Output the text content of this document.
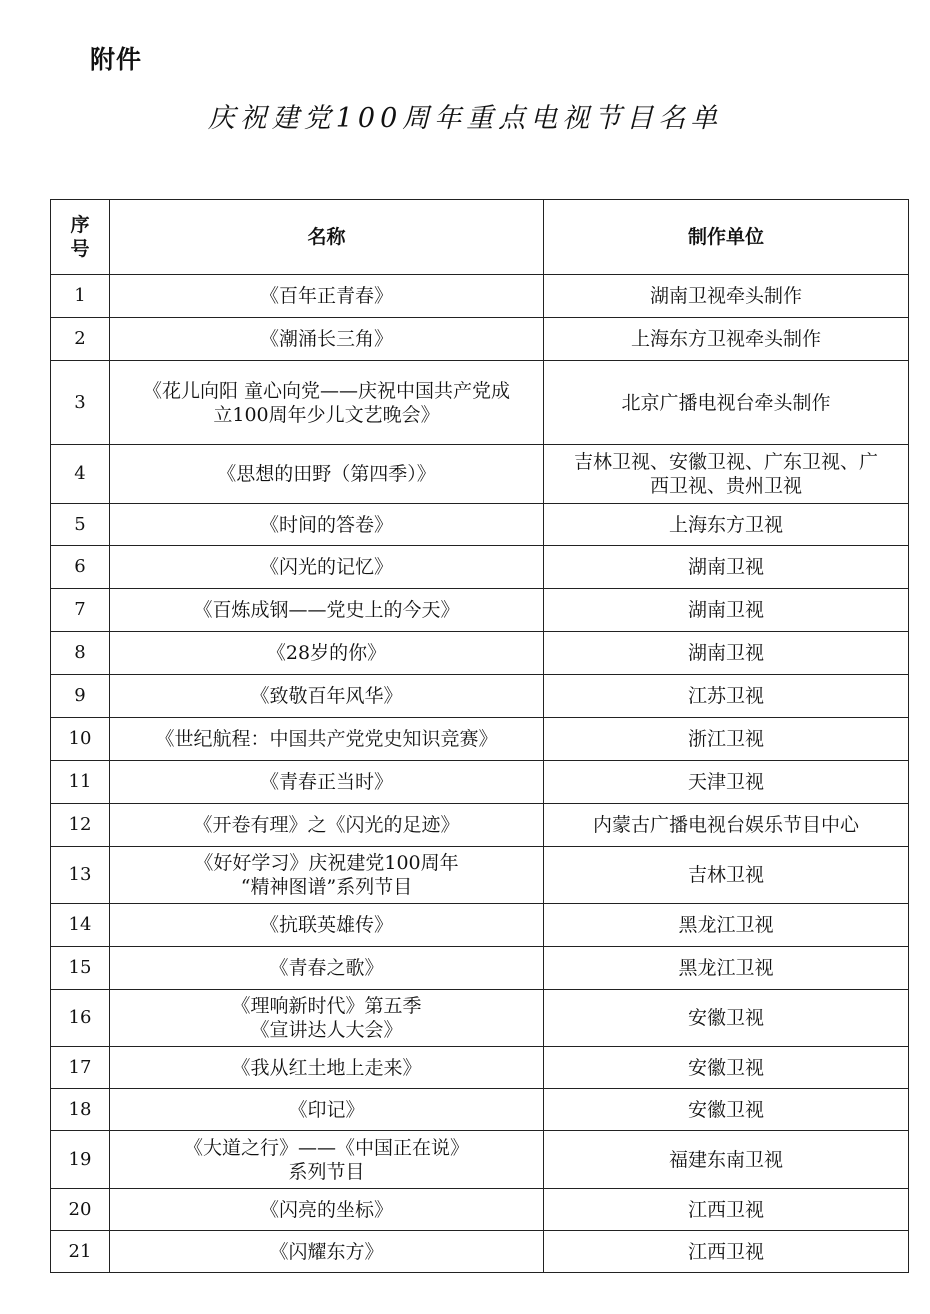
附件
庆祝建党100周年重点电视节目名单
序
号	名称	制作单位
1	《百年正青春》	湖南卫视牵头制作

2	《潮涌长三角》	上海东方卫视牵头制作

3	《花儿向阳 童心向党——庆祝中国共产党成
立100周年少儿文艺晚会》	北京广播电视台牵头制作

4	《思想的田野（第四季）》	吉林卫视、安徽卫视、广东卫视、广
西卫视、贵州卫视

5	《时间的答卷》	上海东方卫视

6	《闪光的记忆》	湖南卫视

7	《百炼成钢——党史上的今天》	湖南卫视

8	《28岁的你》	湖南卫视

9	《致敬百年风华》	江苏卫视

10	《世纪航程：中国共产党党史知识竞赛》	浙江卫视

11	《青春正当时》	天津卫视

12	《开卷有理》之《闪光的足迹》	内蒙古广播电视台娱乐节目中心

13	《好好学习》庆祝建党100周年
“精神图谱”系列节目	吉林卫视

14	《抗联英雄传》	黑龙江卫视

15	《青春之歌》	黑龙江卫视

16	《理响新时代》第五季
《宣讲达人大会》	安徽卫视

17	《我从红土地上走来》	安徽卫视

18	《印记》	安徽卫视

19	《大道之行》——《中国正在说》
系列节目	福建东南卫视

20	《闪亮的坐标》	江西卫视

21	《闪耀东方》	江西卫视
